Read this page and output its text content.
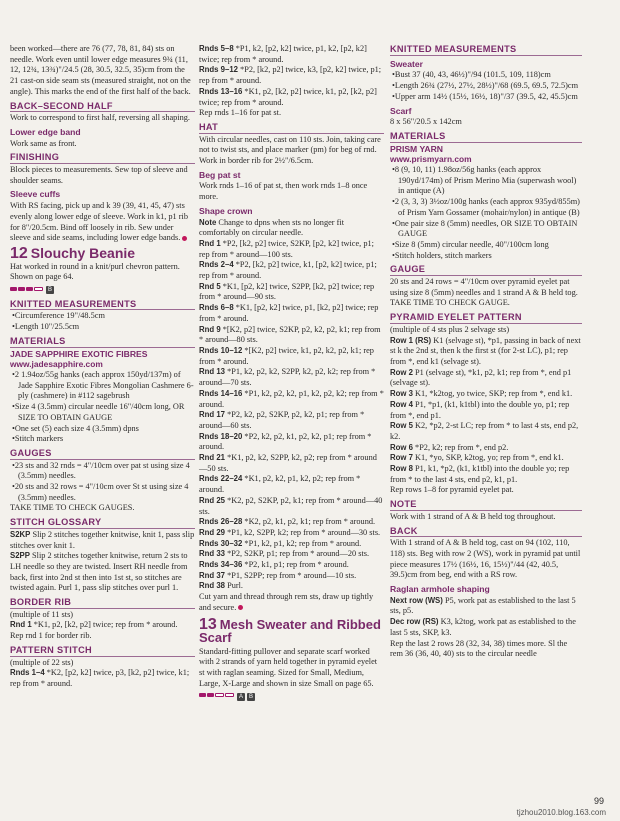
been worked—there are 76 (77, 78, 81, 84) sts on needle. Work even until lower edge measures 9¾ (11, 12, 12¾, 13¾)"/24.5 (28, 30.5, 32.5, 35)cm from the 21 cast-on side seam sts (measured straight, not on the angle). This marks the end of the first half of the back.

BACK–SECOND HALF

Work to correspond to first half, reversing all shaping.

Lower edge band

Work same as front.

FINISHING

Block pieces to measurements. Sew top of sleeve and shoulder seams.

Sleeve cuffs

With RS facing, pick up and k 39 (39, 41, 45, 47) sts evenly along lower edge of sleeve. Work in k1, p1 rib for 8"/20.5cm. Bind off loosely in rib. Sew under sleeve and side seams, including lower edge bands.

12 Slouchy Beanie

Hat worked in round in a knit/purl chevron pattern. Shown on page 64.

B
KNITTED MEASUREMENTS
• Circumference 19"/48.5cm
• Length 10"/25.5cm
MATERIALS
JADE SAPPHIRE EXOTIC FIBRES
www.jadesapphire.com
• 2 1.94oz/55g hanks (each approx 150yd/137m) of Jade Sapphire Exotic Fibres Mongolian Cashmere 6-ply (cashmere) in #112 sagebrush
• Size 4 (3.5mm) circular needle 16"/40cm long, OR SIZE TO OBTAIN GAUGE
• One set (5) each size 4 (3.5mm) dpns
• Stitch markers
GAUGES
• 23 sts and 32 rnds = 4"/10cm over pat st using size 4 (3.5mm) needles.
• 20 sts and 32 rows = 4"/10cm over St st using size 4 (3.5mm) needles.

TAKE TIME TO CHECK GAUGES.

STITCH GLOSSARY

S2KP Slip 2 stitches together knitwise, knit 1, pass slip stitches over knit 1.

S2PP Slip 2 stitches together knitwise, return 2 sts to LH needle so they are twisted. Insert RH needle from back, first into 2nd st then into 1st st, so stitches are twisted again. Purl 1, pass slip stitches over purl 1.

BORDER RIB

(multiple of 11 sts)

Rnd 1 *K1, p2, [k2, p2] twice; rep from * around.

Rep rnd 1 for border rib.

PATTERN STITCH

(multiple of 22 sts)

Rnds 1–4 *K2, [p2, k2] twice, p3, [k2, p2] twice, k1; rep from * around.

Rnds 5–8 *P1, k2, [p2, k2] twice, p1, k2, [p2, k2] twice; rep from * around.

Rnds 9–12 *P2, [k2, p2] twice, k3, [p2, k2] twice, p1; rep from * around.

Rnds 13–16 *K1, p2, [k2, p2] twice, k1, p2, [k2, p2] twice; rep from * around.

Rep rnds 1–16 for pat st.

HAT

With circular needles, cast on 110 sts. Join, taking care not to twist sts, and place marker (pm) for beg of rnd. Work in border rib for 2½"/6.5cm.

Beg pat st

Work rnds 1–16 of pat st, then work rnds 1–8 once more.

Shape crown

Note Change to dpns when sts no longer fit comfortably on circular needle.

Rnd 1 *P2, [k2, p2] twice, S2KP, [p2, k2] twice, p1; rep from * around—100 sts.

Rnds 2–4 *P2, [k2, p2] twice, k1, [p2, k2] twice, p1; rep from * around.

Rnd 5 *K1, [p2, k2] twice, S2PP, [k2, p2] twice; rep from * around—90 sts.

Rnds 6–8 *K1, [p2, k2] twice, p1, [k2, p2] twice; rep from * around.

Rnd 9 *[K2, p2] twice, S2KP, p2, k2, p2, k1; rep from * around—80 sts.

Rnds 10–12 *[K2, p2] twice, k1, p2, k2, p2, k1; rep from * around.

Rnd 13 *P1, k2, p2, k2, S2PP, k2, p2, k2; rep from * around—70 sts.

Rnds 14–16 *P1, k2, p2, k2, p1, k2, p2, k2; rep from * around.

Rnd 17 *P2, k2, p2, S2KP, p2, k2, p1; rep from * around—60 sts.

Rnds 18–20 *P2, k2, p2, k1, p2, k2, p1; rep from * around.

Rnd 21 *K1, p2, k2, S2PP, k2, p2; rep from * around—50 sts.

Rnds 22–24 *K1, p2, k2, p1, k2, p2; rep from * around.

Rnd 25 *K2, p2, S2KP, p2, k1; rep from * around—40 sts.

Rnds 26–28 *K2, p2, k1, p2, k1; rep from * around.

Rnd 29 *P1, k2, S2PP, k2; rep from * around—30 sts.

Rnds 30–32 *P1, k2, p1, k2; rep from * around.

Rnd 33 *P2, S2KP, p1; rep from * around—20 sts.

Rnds 34–36 *P2, k1, p1; rep from * around.

Rnd 37 *P1, S2PP; rep from * around—10 sts.

Rnd 38 Purl.

Cut yarn and thread through rem sts, draw up tightly and secure.

13 Mesh Sweater and Ribbed Scarf

Standard-fitting pullover and separate scarf worked with 2 strands of yarn held together in pyramid eyelet st with raglan seaming. Sized for Small, Medium, Large, X-Large and shown in size Small on page 65.

A B
KNITTED MEASUREMENTS
Sweater
• Bust 37 (40, 43, 46½)"/94 (101.5, 109, 118)cm
• Length 26¾ (27½, 27½, 28½)"/68 (69.5, 69.5, 72.5)cm
• Upper arm 14½ (15½, 16½, 18)"/37 (39.5, 42, 45.5)cm
Scarf

8 x 56"/20.5 x 142cm

MATERIALS
PRISM YARN
www.prismyarn.com
• 8 (9, 10, 11) 1.98oz/56g hanks (each approx 190yd/174m) of Prism Merino Mia (superwash wool) in antique (A)
• 2 (3, 3, 3) 3½oz/100g hanks (each approx 935yd/855m) of Prism Yarn Gossamer (mohair/nylon) in antique (B)
• One pair size 8 (5mm) needles, OR SIZE TO OBTAIN GAUGE
• Size 8 (5mm) circular needle, 40"/100cm long
• Stitch holders, stitch markers
GAUGE

20 sts and 24 rows = 4"/10cm over pyramid eyelet pat using size 8 (5mm) needles and 1 strand A & B held tog.

TAKE TIME TO CHECK GAUGE.

PYRAMID EYELET PATTERN

(multiple of 4 sts plus 2 selvage sts)

Row 1 (RS) K1 (selvage st), *p1, passing in back of next st k the 2nd st, then k the first st (for 2-st LC), p1; rep from *, end k1 (selvage st).

Row 2 P1 (selvage st), *k1, p2, k1; rep from *, end p1 (selvage st).

Row 3 K1, *k2tog, yo twice, SKP; rep from *, end k1.

Row 4 P1, *p1, (k1, k1tbl) into the double yo, p1; rep from *, end p1.

Row 5 K2, *p2, 2-st LC; rep from * to last 4 sts, end p2, k2.

Row 6 *P2, k2; rep from *, end p2.

Row 7 K1, *yo, SKP, k2tog, yo; rep from *, end k1.

Row 8 P1, k1, *p2, (k1, k1tbl) into the double yo; rep from * to the last 4 sts, end p2, k1, p1.

Rep rows 1–8 for pyramid eyelet pat.

NOTE

Work with 1 strand of A & B held tog throughout.

BACK

With 1 strand of A & B held tog, cast on 94 (102, 110, 118) sts. Beg with row 2 (WS), work in pyramid pat until piece measures 17½ (16½, 16, 15½)"/44 (42, 40.5, 39.5)cm from beg, end with a RS row.

Raglan armhole shaping

Next row (WS) P5, work pat as established to the last 5 sts, p5.

Dec row (RS) K3, k2tog, work pat as established to the last 5 sts, SKP, k3.

Rep the last 2 rows 28 (32, 34, 38) times more. Sl the rem 36 (36, 40, 40) sts to the circular needle

99
tjzhou2010.blog.163.com
